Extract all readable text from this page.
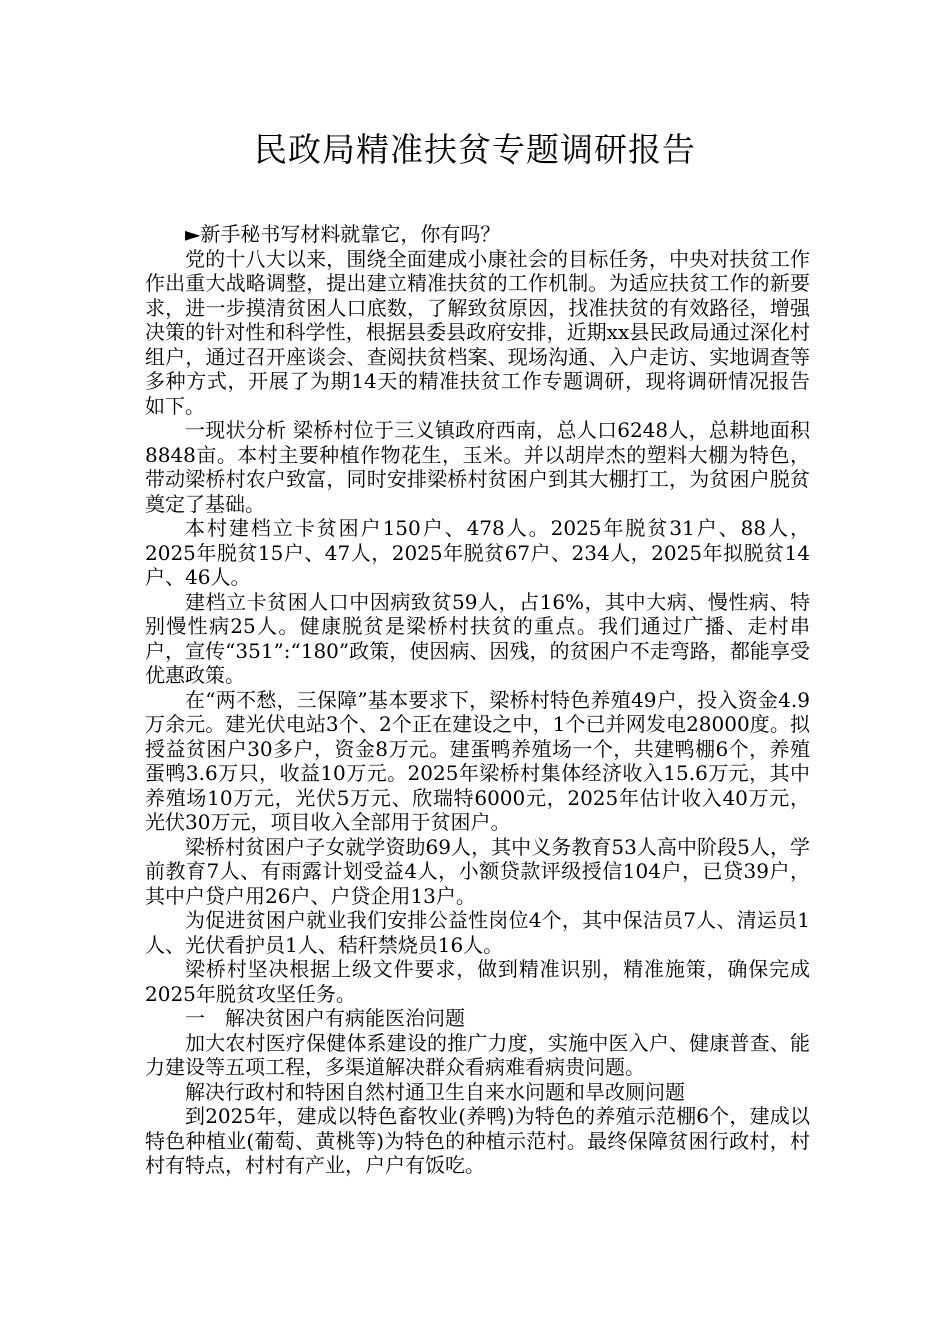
民政局精准扶贫专题调研报告

►新手秘书写材料就靠它，你有吗？

党的十八大以来，围绕全面建成小康社会的目标任务，中央对扶贫工作作出重大战略调整，提出建立精准扶贫的工作机制。为适应扶贫工作的新要求，进一步摸清贫困人口底数，了解致贫原因，找准扶贫的有效路径，增强决策的针对性和科学性，根据县委县政府安排，近期xx县民政局通过深化村组户，通过召开座谈会、查阅扶贫档案、现场沟通、入户走访、实地调查等多种方式，开展了为期14天的精准扶贫工作专题调研，现将调研情况报告如下。

一现状分析 梁桥村位于三义镇政府西南，总人口6248人，总耕地面积8848亩。本村主要种植作物花生，玉米。并以胡岸杰的塑料大棚为特色，带动梁桥村农户致富，同时安排梁桥村贫困户到其大棚打工，为贫困户脱贫奠定了基础。

本村建档立卡贫困户150户、478人。2025年脱贫31户、88人，2025年脱贫15户、47人，2025年脱贫67户、234人，2025年拟脱贫14户、46人。

建档立卡贫困人口中因病致贫59人，占16%，其中大病、慢性病、特别慢性病25人。健康脱贫是梁桥村扶贫的重点。我们通过广播、走村串户，宣传“351”:“180”政策，使因病、因残，的贫困户不走弯路，都能享受优惠政策。

在“两不愁，三保障”基本要求下，梁桥村特色养殖49户，投入资金4.9万余元。建光伏电站3个、2个正在建设之中，1个已并网发电28000度。拟授益贫困户30多户，资金8万元。建蛋鸭养殖场一个，共建鸭棚6个，养殖蛋鸭3.6万只，收益10万元。2025年梁桥村集体经济收入15.6万元，其中养殖场10万元，光伏5万元、欣瑞特6000元，2025年估计收入40万元，光伏30万元，项目收入全部用于贫困户。

梁桥村贫困户子女就学资助69人，其中义务教育53人高中阶段5人，学前教育7人、有雨露计划受益4人，小额贷款评级授信104户，已贷39户，其中户贷户用26户、户贷企用13户。

为促进贫困户就业我们安排公益性岗位4个，其中保洁员7人、清运员1人、光伏看护员1人、秸秆禁烧员16人。

梁桥村坚决根据上级文件要求，做到精准识别，精准施策，确保完成2025年脱贫攻坚任务。

一　解决贫困户有病能医治问题

加大农村医疗保健体系建设的推广力度，实施中医入户、健康普查、能力建设等五项工程，多渠道解决群众看病难看病贵问题。

解决行政村和特困自然村通卫生自来水问题和旱改厕问题

到2025年，建成以特色畜牧业(养鸭)为特色的养殖示范棚6个，建成以特色种植业(葡萄、黄桃等)为特色的种植示范村。最终保障贫困行政村，村村有特点，村村有产业，户户有饭吃。
